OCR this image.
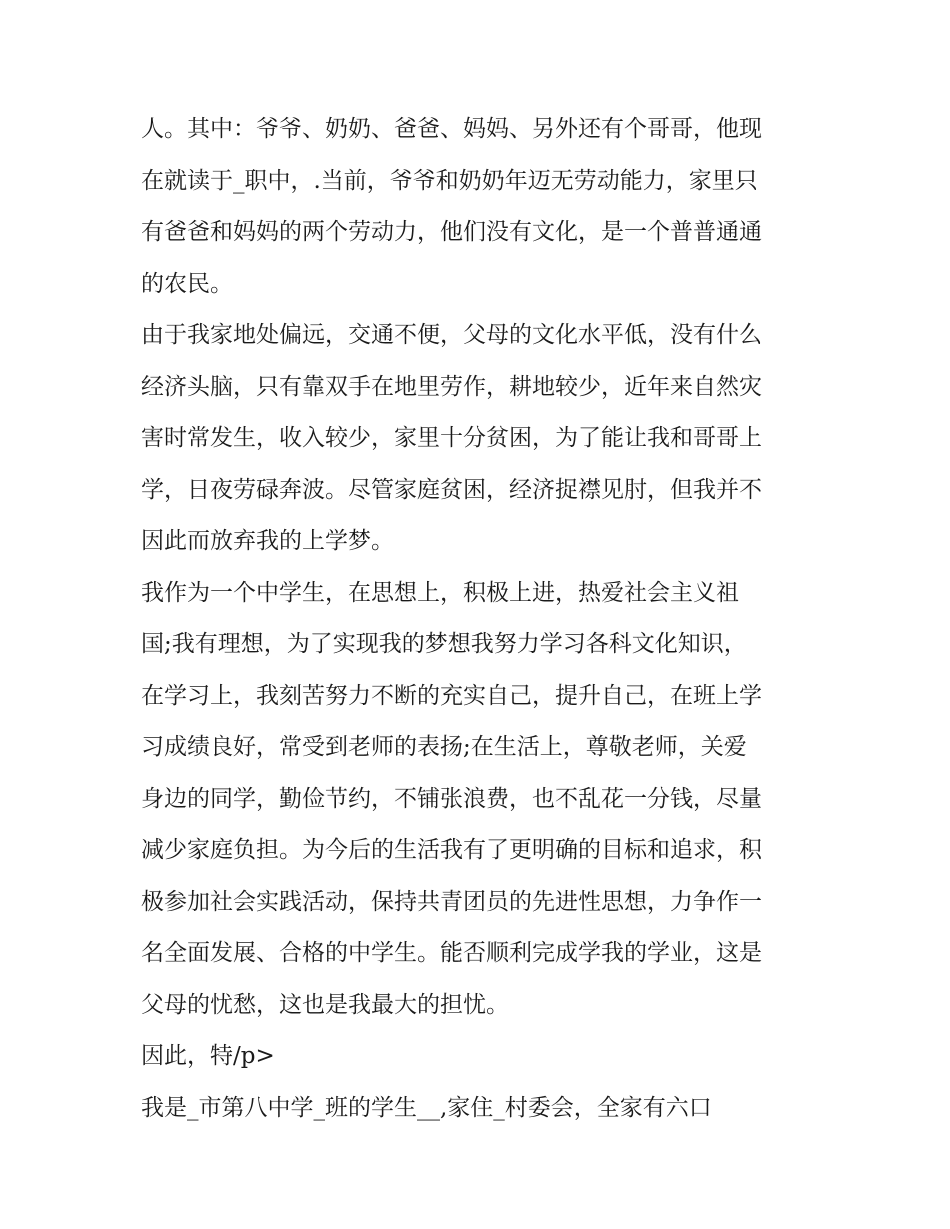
人。其中：爷爷、奶奶、爸爸、妈妈、另外还有个哥哥，他现
在就读于_职中，.当前，爷爷和奶奶年迈无劳动能力，家里只
有爸爸和妈妈的两个劳动力，他们没有文化，是一个普普通通
的农民。
由于我家地处偏远，交通不便，父母的文化水平低，没有什么
经济头脑，只有靠双手在地里劳作，耕地较少，近年来自然灾
害时常发生，收入较少，家里十分贫困，为了能让我和哥哥上
学，日夜劳碌奔波。尽管家庭贫困，经济捉襟见肘，但我并不
因此而放弃我的上学梦。
我作为一个中学生，在思想上，积极上进，热爱社会主义祖
国;我有理想，为了实现我的梦想我努力学习各科文化知识，
在学习上，我刻苦努力不断的充实自己，提升自己，在班上学
习成绩良好，常受到老师的表扬;在生活上，尊敬老师，关爱
身边的同学，勤俭节约，不铺张浪费，也不乱花一分钱，尽量
减少家庭负担。为今后的生活我有了更明确的目标和追求，积
极参加社会实践活动，保持共青团员的先进性思想，力争作一
名全面发展、合格的中学生。能否顺利完成学我的学业，这是
父母的忧愁，这也是我最大的担忧。
因此，特/p>
我是_市第八中学_班的学生__,家住_村委会，全家有六口
